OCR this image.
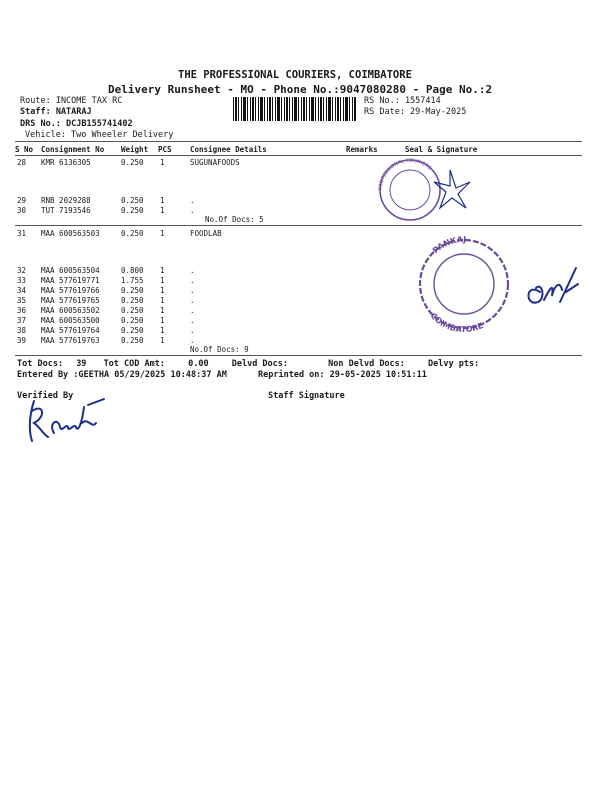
THE PROFESSIONAL COURIERS, COIMBATORE
Delivery Runsheet - MO - Phone No.:9047080280 - Page No.:2
Route: INCOME TAX RC
Staff: NATARAJ
DRS No.: DCJB155741402
Vehicle: Two Wheeler Delivery
RS No.: 1557414
RS Date: 29-May-2025
S No Consignment No Weight PCS Consignee Details	Remarks	Seal & Signature
28 KMR 6136305	0.250 1	SUGUNAFOODS
29 RNB 2029288	0.250 1	.
30 TUT 7193546	0.250 1	.
No.Of Docs: 5
31 MAA 600563503	0.250 1	FOODLAB
32 MAA 600563504	0.800 1	.
33 MAA 577619771	1.755 1	.
34 MAA 577619766	0.250 1	.
35 MAA 577619765	0.250 1	.
36 MAA 600563502	0.250 1	.
37 MAA 600563500	0.250 1	.
38 MAA 577619764	0.250 1	.
39 MAA 577619763	0.250 1	.
No.Of Docs: 9
Tot Docs: 39 Tot COD Amt:	0.00	Delvd Docs:	Non Delvd Docs:	Delvy pts:
Entered By :GEETHA 05/29/2025 10:48:37 AM	Reprinted on: 29-05-2025 10:51:11
Verified By	Staff Signature
PROFESSIONAL COURIERS
PANKAJ
COIMBATORE
